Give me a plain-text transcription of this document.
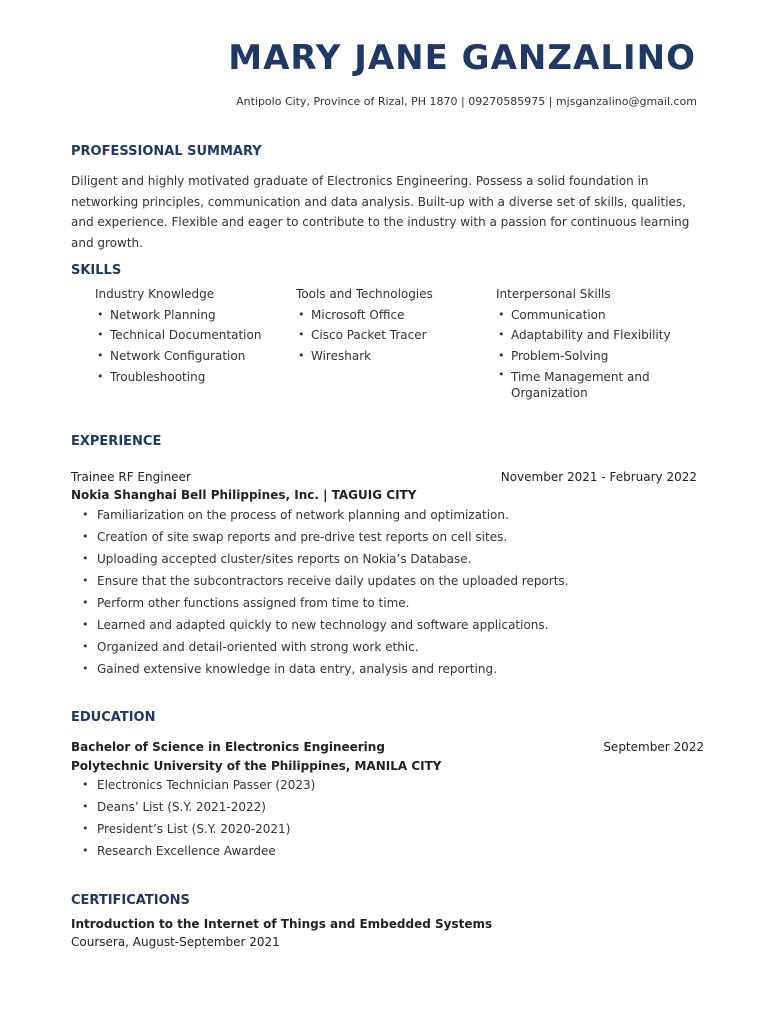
MARY JANE GANZALINO
Antipolo City, Province of Rizal, PH 1870 | 09270585975 | mjsganzalino@gmail.com
PROFESSIONAL SUMMARY
Diligent and highly motivated graduate of Electronics Engineering. Possess a solid foundation in networking principles, communication and data analysis. Built-up with a diverse set of skills, qualities, and experience. Flexible and eager to contribute to the industry with a passion for continuous learning and growth.
SKILLS
Industry Knowledge
• Network Planning
• Technical Documentation
• Network Configuration
• Troubleshooting
Tools and Technologies
• Microsoft Office
• Cisco Packet Tracer
• Wireshark
Interpersonal Skills
• Communication
• Adaptability and Flexibility
• Problem-Solving
• Time Management and Organization
EXPERIENCE
Trainee RF Engineer	November 2021 - February 2022
Nokia Shanghai Bell Philippines, Inc. | TAGUIG CITY
• Familiarization on the process of network planning and optimization.
• Creation of site swap reports and pre-drive test reports on cell sites.
• Uploading accepted cluster/sites reports on Nokia’s Database.
• Ensure that the subcontractors receive daily updates on the uploaded reports.
• Perform other functions assigned from time to time.
• Learned and adapted quickly to new technology and software applications.
• Organized and detail-oriented with strong work ethic.
• Gained extensive knowledge in data entry, analysis and reporting.
EDUCATION
Bachelor of Science in Electronics Engineering	September 2022
Polytechnic University of the Philippines, MANILA CITY
• Electronics Technician Passer (2023)
• Deans’ List (S.Y. 2021-2022)
• President’s List (S.Y. 2020-2021)
• Research Excellence Awardee
CERTIFICATIONS
Introduction to the Internet of Things and Embedded Systems
Coursera, August-September 2021
